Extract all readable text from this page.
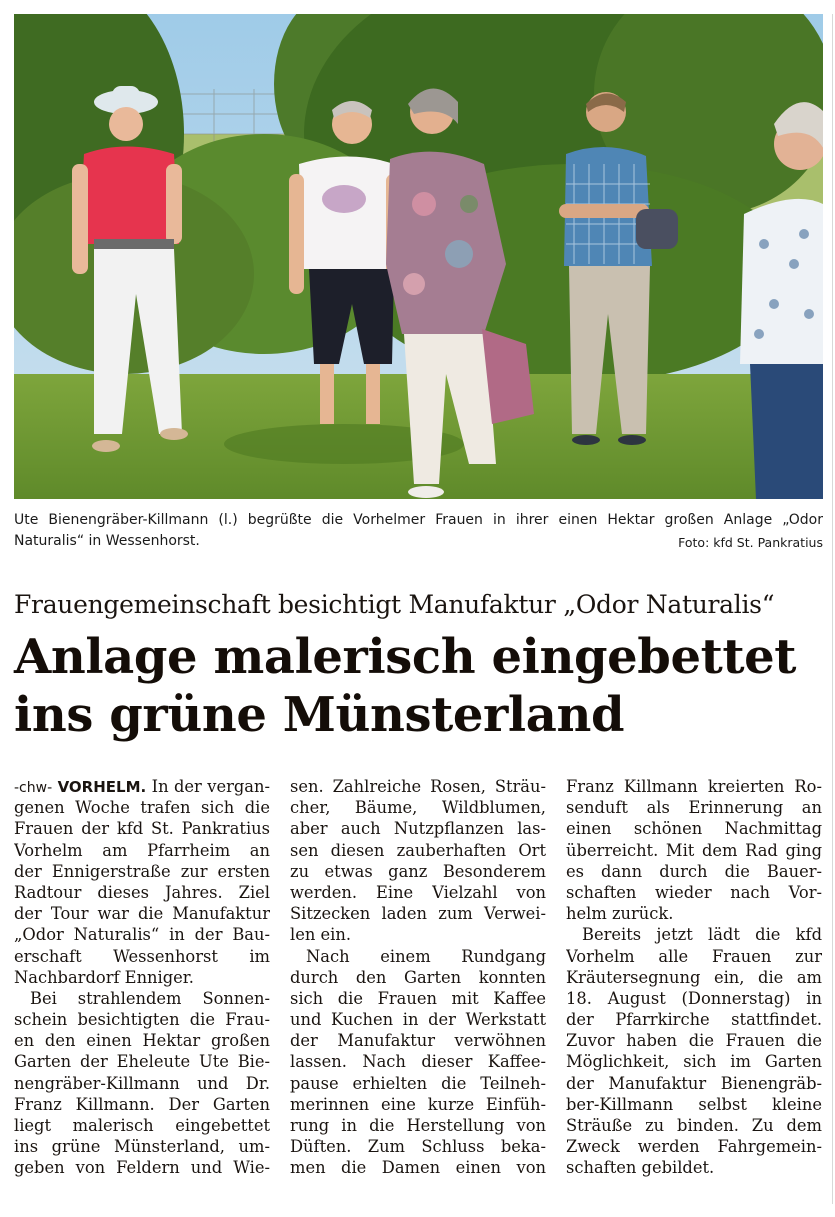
Ute Bienengräber-Killmann (l.) begrüßte die Vorhelmer Frauen in ihrer einen Hektar großen Anlage „Odor Naturalis“ in Wessenhorst.	Foto: kfd St. Pankratius
Frauengemeinschaft besichtigt Manufaktur „Odor Naturalis“
Anlage malerisch eingebettet
ins grüne Münsterland
-chw- VORHELM. In der vergan-
genen Woche trafen sich die
Frauen der kfd St. Pankratius
Vorhelm am Pfarrheim an
der Ennigerstraße zur ersten
Radtour dieses Jahres. Ziel
der Tour war die Manufaktur
„Odor Naturalis“ in der Bau-
erschaft Wessenhorst im
Nachbardorf Enniger.
Bei strahlendem Sonnen-
schein besichtigten die Frau-
en den einen Hektar großen
Garten der Eheleute Ute Bie-
nengräber-Killmann und Dr.
Franz Killmann. Der Garten
liegt malerisch eingebettet
ins grüne Münsterland, um-
geben von Feldern und Wie-
sen. Zahlreiche Rosen, Sträu-
cher, Bäume, Wildblumen,
aber auch Nutzpflanzen las-
sen diesen zauberhaften Ort
zu etwas ganz Besonderem
werden. Eine Vielzahl von
Sitzecken laden zum Verwei-
len ein.
Nach einem Rundgang
durch den Garten konnten
sich die Frauen mit Kaffee
und Kuchen in der Werkstatt
der Manufaktur verwöhnen
lassen. Nach dieser Kaffee-
pause erhielten die Teilneh-
merinnen eine kurze Einfüh-
rung in die Herstellung von
Düften. Zum Schluss beka-
men die Damen einen von
Franz Killmann kreierten Ro-
senduft als Erinnerung an
einen schönen Nachmittag
überreicht. Mit dem Rad ging
es dann durch die Bauer-
schaften wieder nach Vor-
helm zurück.
Bereits jetzt lädt die kfd
Vorhelm alle Frauen zur
Kräutersegnung ein, die am
18. August (Donnerstag) in
der Pfarrkirche stattfindet.
Zuvor haben die Frauen die
Möglichkeit, sich im Garten
der Manufaktur Bienengräb-
ber-Killmann selbst kleine
Sträuße zu binden. Zu dem
Zweck werden Fahrgemein-
schaften gebildet.
